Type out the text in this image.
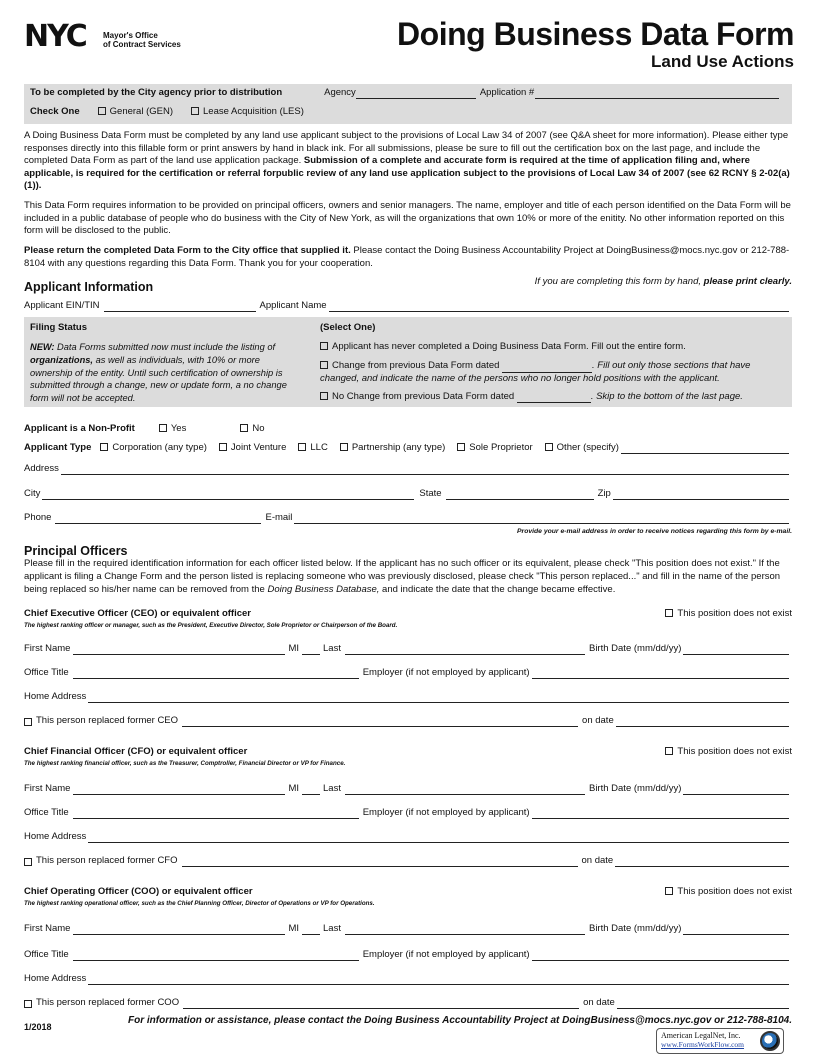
NYC Mayor's Office
of Contract Services	Doing Business Data Form
Land Use Actions
To be completed by the City agency prior to distribution	Agency	Application #
Check One	General (GEN)	Lease Acquisition (LES)

A Doing Business Data Form must be completed by any land use applicant subject to the provisions of Local Law 34 of 2007 (see Q&A sheet for more information). Please either type responses directly into this fillable form or print answers by hand in black ink. For all submissions, please be sure to fill out the certification box on the last page, and include the completed Data Form as part of the land use application package. Submission of a complete and accurate form is required at the time of application filing and, where applicable, is required for the certification or referral forpublic review of any land use application subject to the provisions of Local Law 34 of 2007 (see 62 RCNY § 2-02(a)(1)).

This Data Form requires information to be provided on principal officers, owners and senior managers. The name, employer and title of each person identified on the Data Form will be included in a public database of people who do business with the City of New York, as will the organizations that own 10% or more of the enitity. No other information reported on this form will be disclosed to the public.

Please return the completed Data Form to the City office that supplied it. Please contact the Doing Business Accountability Project at DoingBusiness@mocs.nyc.gov or 212-788-8104 with any questions regarding this Data Form. Thank you for your cooperation.

Applicant Information	If you are completing this form by hand, please print clearly.
Applicant EIN/TIN	Applicant Name
Filing Status
NEW: Data Forms submitted now must include the listing of organizations, as well as individuals, with 10% or more ownership of the entity. Until such certification of ownership is submitted through a change, new or update form, a no change form will not be accepted.
(Select One)
Applicant has never completed a Doing Business Data Form. Fill out the entire form.
Change from previous Data Form dated	. Fill out only those sections that have changed, and indicate the name of the persons who no longer hold positions with the applicant.
No Change from previous Data Form dated	. Skip to the bottom of the last page.
Applicant is a Non-Profit	Yes	No
Applicant Type	Corporation (any type)	Joint Venture	LLC	Partnership (any type)	Sole Proprietor	Other (specify)
Address
City	State	Zip
Phone	E-mail
Provide your e-mail address in order to receive notices regarding this form by e-mail.
Principal Officers

Please fill in the required identification information for each officer listed below. If the applicant has no such officer or its equivalent, please check "This position does not exist." If the applicant is filing a Change Form and the person listed is replacing someone who was previously disclosed, please check "This person replaced..." and fill in the name of the person being replaced so his/her name can be removed from the Doing Business Database, and indicate the date that the change became effective.

Chief Executive Officer (CEO) or equivalent officer
The highest ranking officer or manager, such as the President, Executive Director, Sole Proprietor or Chairperson of the Board.
This position does not exist
First Name	MI	Last	Birth Date (mm/dd/yy)
Office Title	Employer (if not employed by applicant)
Home Address
This person replaced former CEO	on date
Chief Financial Officer (CFO) or equivalent officer
The highest ranking financial officer, such as the Treasurer, Comptroller, Financial Director or VP for Finance.
This position does not exist
First Name	MI	Last	Birth Date (mm/dd/yy)
Office Title	Employer (if not employed by applicant)
Home Address
This person replaced former CFO	on date
Chief Operating Officer (COO) or equivalent officer
The highest ranking operational officer, such as the Chief Planning Officer, Director of Operations or VP for Operations.
This position does not exist
First Name	MI	Last	Birth Date (mm/dd/yy)
Office Title	Employer (if not employed by applicant)
Home Address
This person replaced former COO	on date
For information or assistance, please contact the Doing Business Accountability Project at DoingBusiness@mocs.nyc.gov or 212-788-8104.
1/2018
American LegalNet, Inc.
www.FormsWorkFlow.com
